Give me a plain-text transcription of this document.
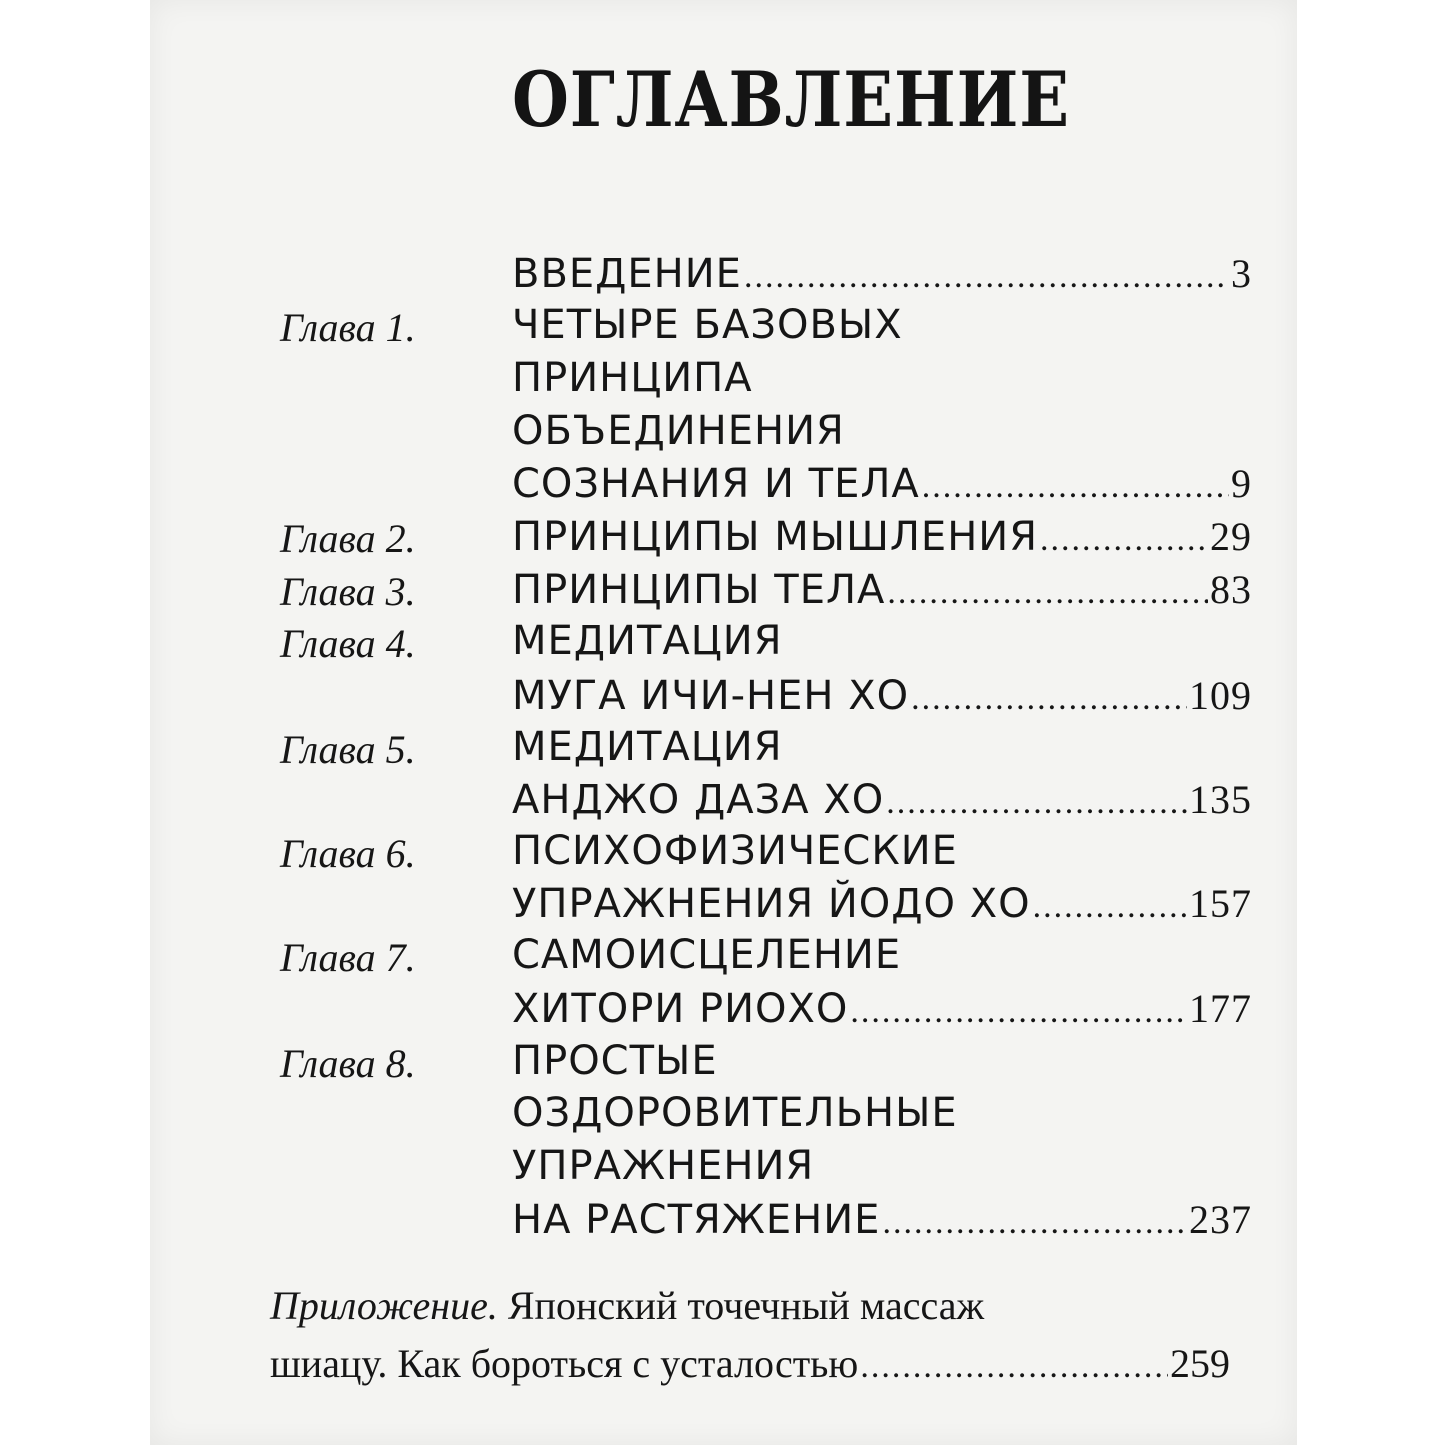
ОГЛАВЛЕНИЕ
ВВЕДЕНИЕ .....	3
Глава 1. ЧЕТЫРЕ БАЗОВЫХ
ПРИНЦИПА
ОБЪЕДИНЕНИЯ
СОЗНАНИЯ И ТЕЛА .....	9
Глава 2. ПРИНЦИПЫ МЫШЛЕНИЯ .....	29
Глава 3. ПРИНЦИПЫ ТЕЛА .....	83
Глава 4. МЕДИТАЦИЯ
МУГА ИЧИ-НЕН ХО .....	109
Глава 5. МЕДИТАЦИЯ
АНДЖО ДАЗА ХО .....	135
Глава 6. ПСИХОФИЗИЧЕСКИЕ
УПРАЖНЕНИЯ ЙОДО ХО .....	157
Глава 7. САМОИСЦЕЛЕНИЕ
ХИТОРИ РИОХО .....	177
Глава 8. ПРОСТЫЕ
ОЗДОРОВИТЕЛЬНЫЕ
УПРАЖНЕНИЯ
НА РАСТЯЖЕНИЕ .....	237
Приложение. Японский точечный массаж
шиацу. Как бороться с усталостью .....	259
